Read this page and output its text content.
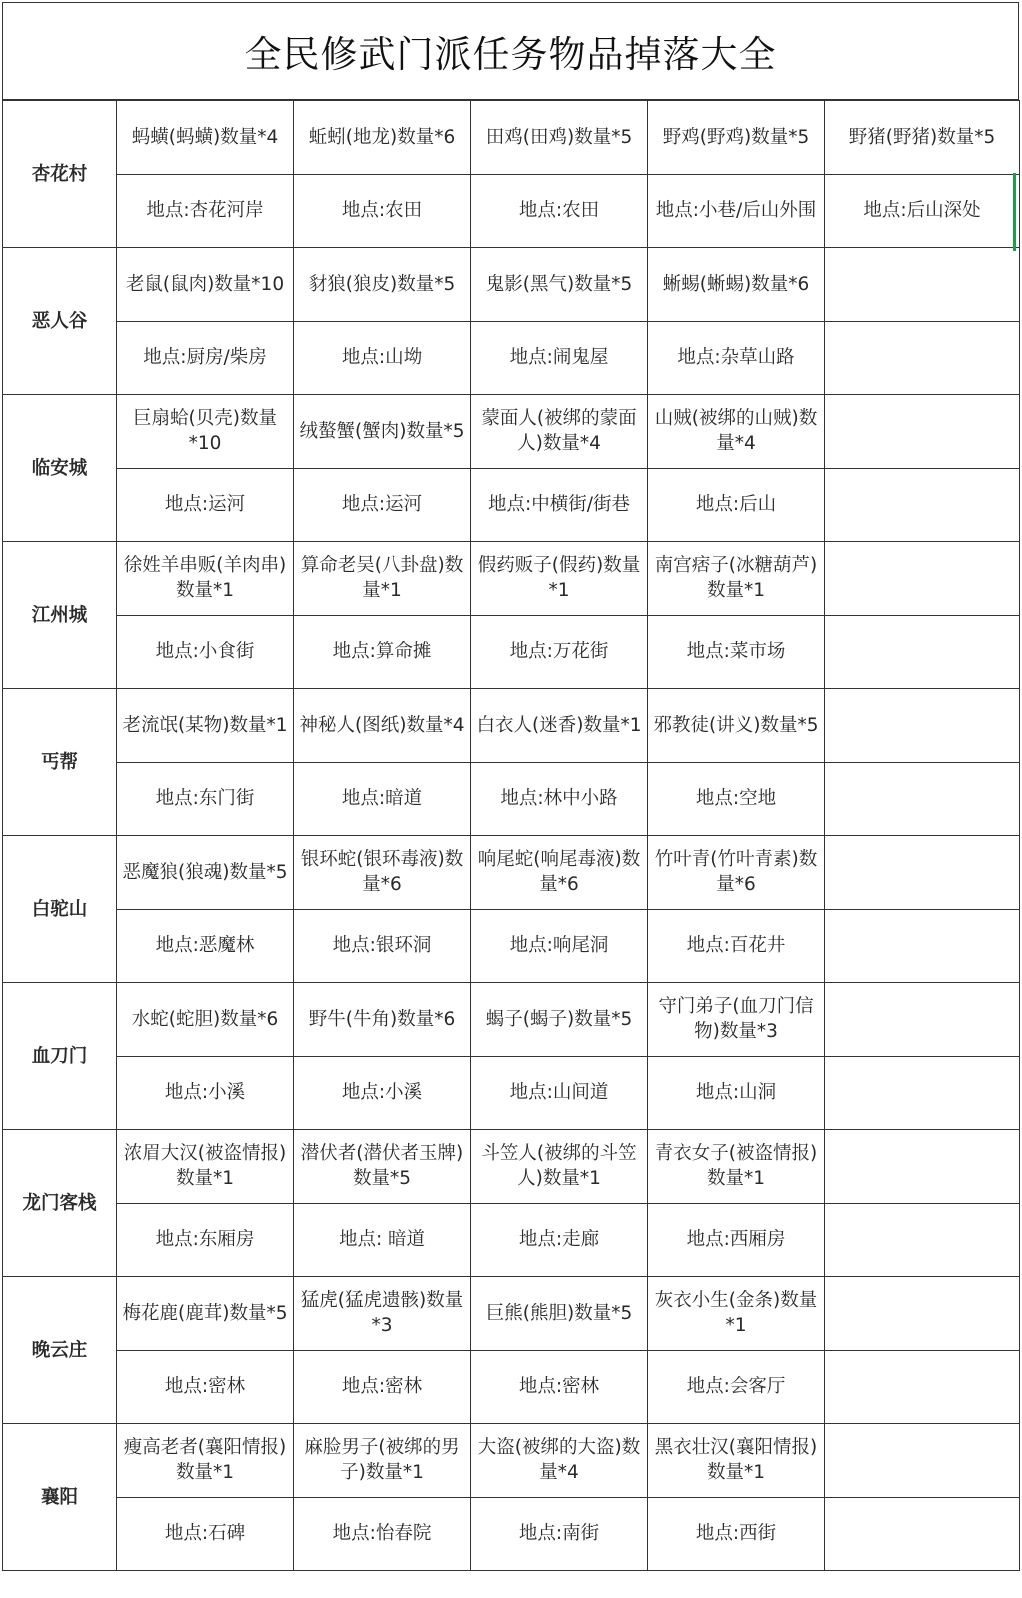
全民修武门派任务物品掉落大全
杏花村	蚂蟥(蚂蟥)数量*4	蚯蚓(地龙)数量*6	田鸡(田鸡)数量*5	野鸡(野鸡)数量*5	野猪(野猪)数量*5
	地点:杏花河岸	地点:农田	地点:农田	地点:小巷/后山外围	地点:后山深处
恶人谷	老鼠(鼠肉)数量*10	豺狼(狼皮)数量*5	鬼影(黑气)数量*5	蜥蜴(蜥蜴)数量*6	
	地点:厨房/柴房	地点:山坳	地点:闹鬼屋	地点:杂草山路	
临安城	巨扇蛤(贝壳)数量*10	绒螯蟹(蟹肉)数量*5	蒙面人(被绑的蒙面人)数量*4	山贼(被绑的山贼)数量*4	
	地点:运河	地点:运河	地点:中横街/街巷	地点:后山	
江州城	徐姓羊串贩(羊肉串)数量*1	算命老吴(八卦盘)数量*1	假药贩子(假药)数量*1	南宫痞子(冰糖葫芦)数量*1	
	地点:小食街	地点:算命摊	地点:万花街	地点:菜市场	
丐帮	老流氓(某物)数量*1	神秘人(图纸)数量*4	白衣人(迷香)数量*1	邪教徒(讲义)数量*5	
	地点:东门街	地点:暗道	地点:林中小路	地点:空地	
白驼山	恶魔狼(狼魂)数量*5	银环蛇(银环毒液)数量*6	响尾蛇(响尾毒液)数量*6	竹叶青(竹叶青素)数量*6	
	地点:恶魔林	地点:银环洞	地点:响尾洞	地点:百花井	
血刀门	水蛇(蛇胆)数量*6	野牛(牛角)数量*6	蝎子(蝎子)数量*5	守门弟子(血刀门信物)数量*3	
	地点:小溪	地点:小溪	地点:山间道	地点:山洞	
龙门客栈	浓眉大汉(被盗情报)数量*1	潜伏者(潜伏者玉牌)数量*5	斗笠人(被绑的斗笠人)数量*1	青衣女子(被盗情报)数量*1	
	地点:东厢房	地点: 暗道	地点:走廊	地点:西厢房	
晚云庄	梅花鹿(鹿茸)数量*5	猛虎(猛虎遗骸)数量*3	巨熊(熊胆)数量*5	灰衣小生(金条)数量*1	
	地点:密林	地点:密林	地点:密林	地点:会客厅	
襄阳	瘦高老者(襄阳情报)数量*1	麻脸男子(被绑的男子)数量*1	大盗(被绑的大盗)数量*4	黑衣壮汉(襄阳情报)数量*1	
	地点:石碑	地点:怡春院	地点:南街	地点:西街	
